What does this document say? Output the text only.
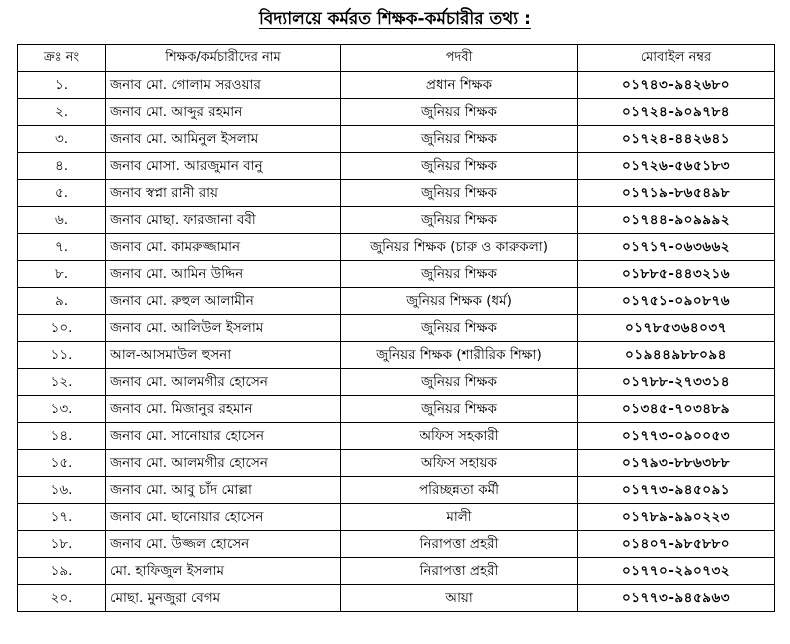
বিদ্যালয়ে কর্মরত শিক্ষক-কর্মচারীর তথ্য :
ক্রঃ নং	শিক্ষক/কর্মচারীদের নাম	পদবী	মোবাইল নম্বর
১.	জনাব মো. গোলাম সরওয়ার	প্রধান শিক্ষক	০১৭৪৩-৯৪২৬৮০
২.	জনাব মো. আব্দুর রহমান	জুনিয়র শিক্ষক	০১৭২৪-৯০৯৭৮৪
৩.	জনাব মো. আমিনুল ইসলাম	জুনিয়র শিক্ষক	০১৭২৪-৪৪২৬৪১
৪.	জনাব মোসা. আরজুমান বানু	জুনিয়র শিক্ষক	০১৭২৬-৫৬৫১৮৩
৫.	জনাব স্বপ্না রানী রায়	জুনিয়র শিক্ষক	০১৭১৯-৮৬৫৪৯৮
৬.	জনাব মোছা. ফারজানা ববী	জুনিয়র শিক্ষক	০১৭৪৪-৯০৯৯৯২
৭.	জনাব মো. কামরুজ্জামান	জুনিয়র শিক্ষক (চারু ও কারুকলা)	০১৭১৭-০৬৩৬৬২
৮.	জনাব মো. আমিন উদ্দিন	জুনিয়র শিক্ষক	০১৮৮৫-৪৪৩২১৬
৯.	জনাব মো. রুহুল আলামীন	জুনিয়র শিক্ষক (ধর্ম)	০১৭৫১-০৯০৮৭৬
১০.	জনাব মো. আলিউল ইসলাম	জুনিয়র শিক্ষক	০১৭৮৫৩৬৪০৩৭
১১.	আল-আসমাউল হুসনা	জুনিয়র শিক্ষক (শারীরিক শিক্ষা)	০১৯৪৪৯৮৮০৯৪
১২.	জনাব মো. আলমগীর হোসেন	জুনিয়র শিক্ষক	০১৭৮৮-২৭৩৩১৪
১৩.	জনাব মো. মিজানুর রহমান	জুনিয়র শিক্ষক	০১৩৪৫-৭০৩৪৮৯
১৪.	জনাব মো. সানোয়ার হোসেন	অফিস সহকারী	০১৭৭৩-০৯০০৫৩
১৫.	জনাব মো. আলমগীর হোসেন	অফিস সহায়ক	০১৭৯৩-৮৮৬৩৮৮
১৬.	জনাব মো. আবু চাঁদ মোল্লা	পরিচ্ছন্নতা কর্মী	০১৭৭৩-৯৪৫০৯১
১৭.	জনাব মো. ছানোয়ার হোসেন	মালী	০১৭৮৯-৯৯০২২৩
১৮.	জনাব মো. উজ্জল হোসেন	নিরাপত্তা প্রহরী	০১৪০৭-৯৮৫৮৮০
১৯.	মো. হাফিজুল ইসলাম	নিরাপত্তা প্রহরী	০১৭৭০-২৯০৭৩২
২০.	মোছা. মুনজুরা বেগম	আয়া	০১৭৭৩-৯৪৫৯৬৩
